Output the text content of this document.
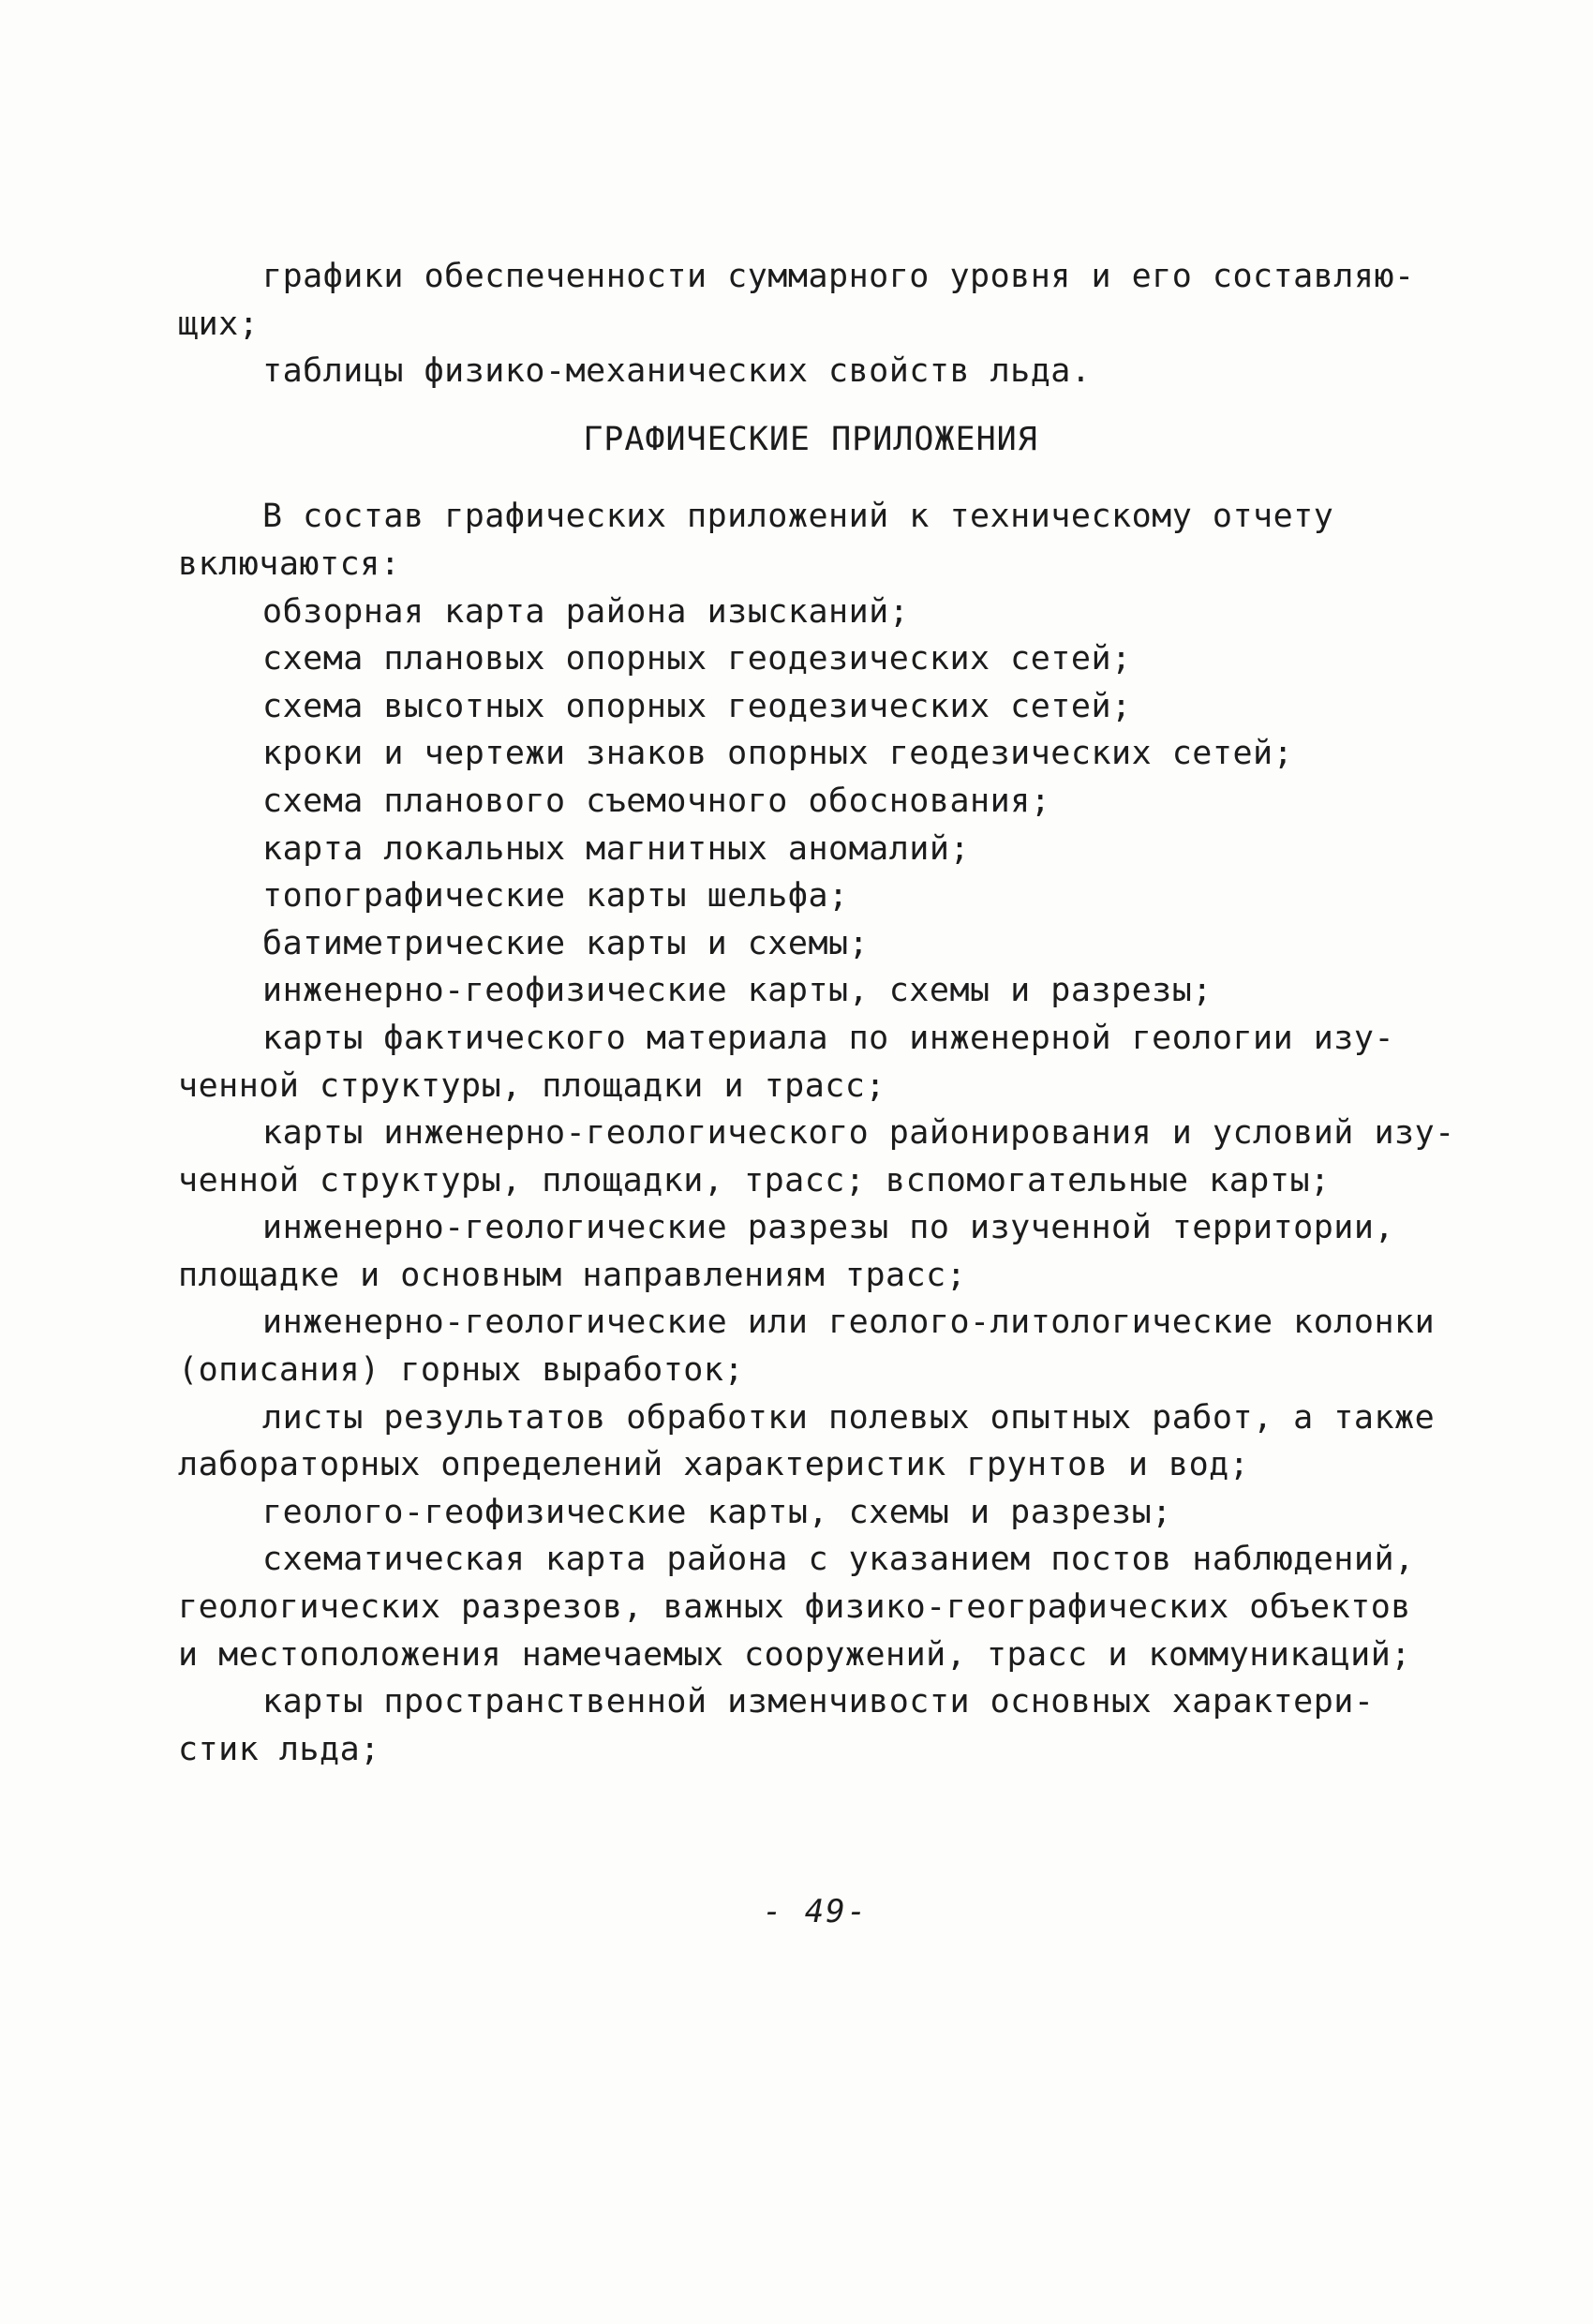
графики обеспеченности суммарного уровня и его составляю-
щих;
таблицы физико-механических свойств льда.
ГРАФИЧЕСКИЕ ПРИЛОЖЕНИЯ
В состав графических приложений к техническому отчету
включаются:
обзорная карта района изысканий;
схема плановых опорных геодезических сетей;
схема высотных опорных геодезических сетей;
кроки и чертежи знаков опорных геодезических сетей;
схема планового съемочного обоснования;
карта локальных магнитных аномалий;
топографические карты шельфа;
батиметрические карты и схемы;
инженерно-геофизические карты, схемы и разрезы;
карты фактического материала по инженерной геологии изу-
ченной структуры, площадки и трасс;
карты инженерно-геологического районирования и условий изу-
ченной структуры, площадки, трасс; вспомогательные карты;
инженерно-геологические разрезы по изученной территории,
площадке и основным направлениям трасс;
инженерно-геологические или геолого-литологические колонки
(описания) горных выработок;
листы результатов обработки полевых опытных работ, а также
лабораторных определений характеристик грунтов и вод;
геолого-геофизические карты, схемы и разрезы;
схематическая карта района с указанием постов наблюдений,
геологических разрезов, важных физико-географических объектов
и местоположения намечаемых сооружений, трасс и коммуникаций;
карты пространственной изменчивости основных характери-
стик льда;
- 49-
